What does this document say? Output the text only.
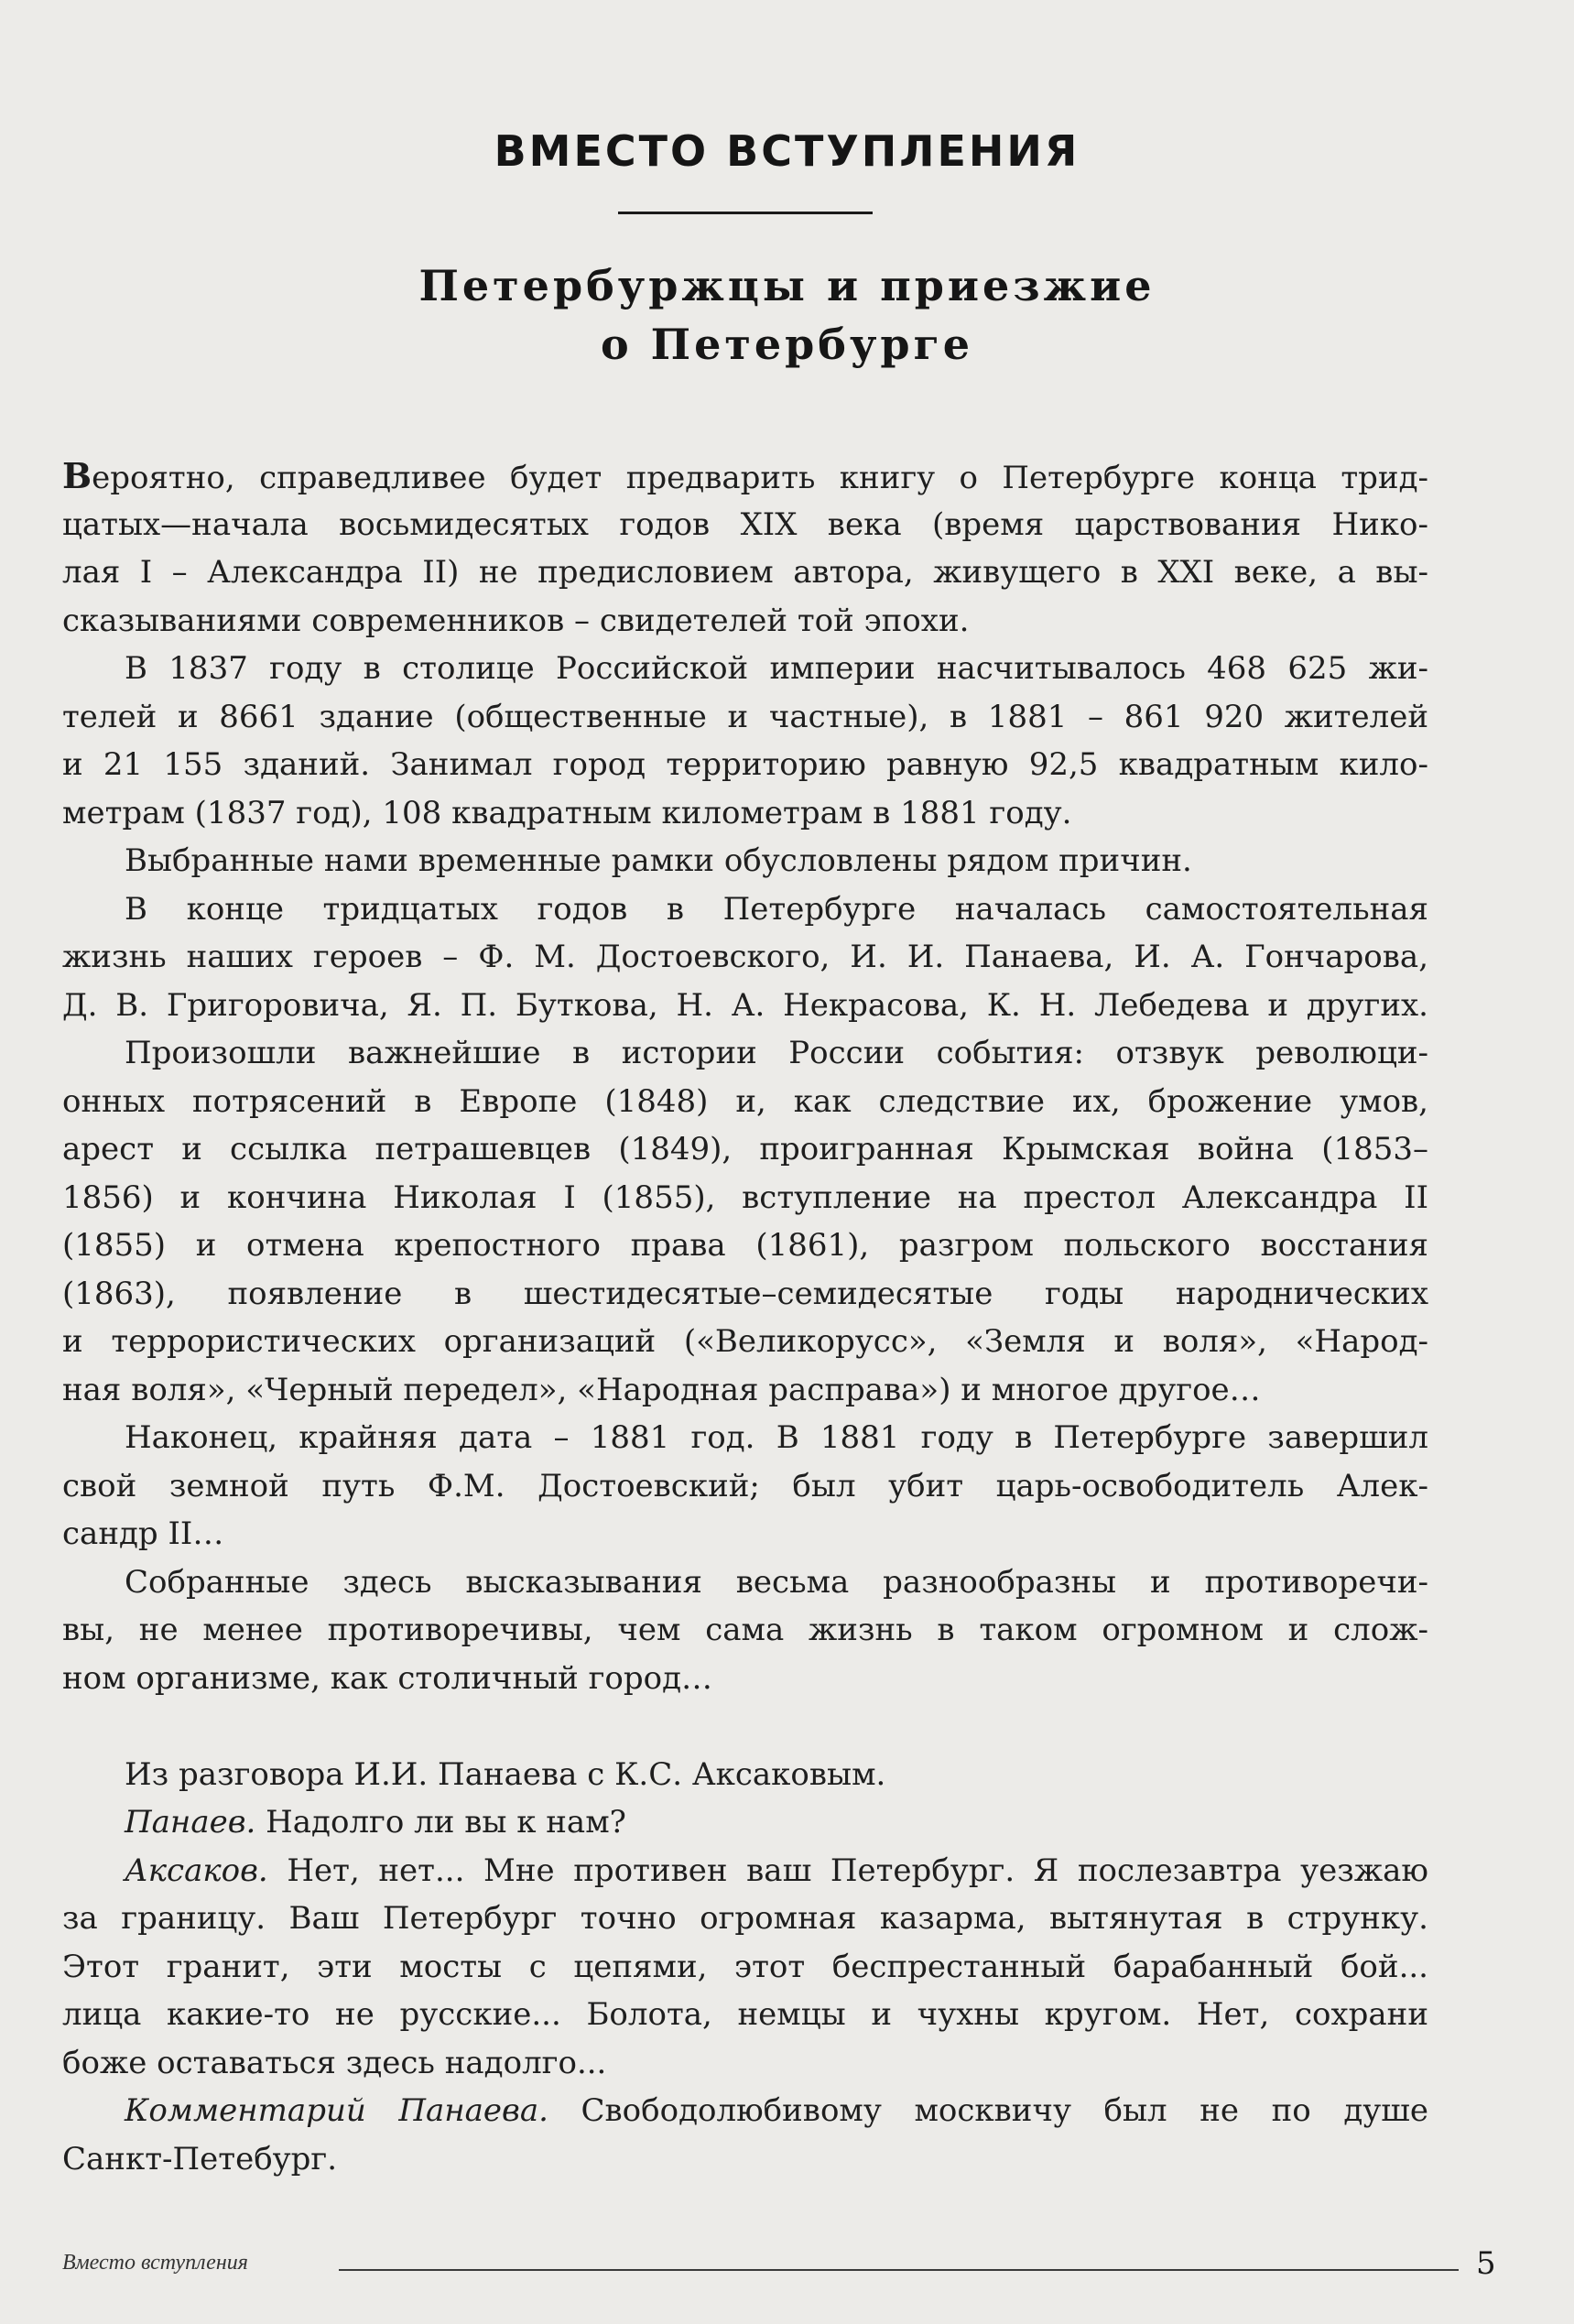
ВМЕСТО ВСТУПЛЕНИЯ
Петербуржцы и приезжие
о Петербурге
Вероятно, справедливее будет предварить книгу о Петербурге конца трид-
цатых—начала восьмидесятых годов XIX века (время царствования Нико-
лая I – Александра II) не предисловием автора, живущего в XXI веке, а вы-
сказываниями современников – свидетелей той эпохи.
В 1837 году в столице Российской империи насчитывалось 468 625 жи-
телей и 8661 здание (общественные и частные), в 1881 – 861 920 жителей
и 21 155 зданий. Занимал город территорию равную 92,5 квадратным кило-
метрам (1837 год), 108 квадратным километрам в 1881 году.
Выбранные нами временные рамки обусловлены рядом причин.
В конце тридцатых годов в Петербурге началась самостоятельная
жизнь наших героев – Ф. М. Достоевского, И. И. Панаева, И. А. Гончарова,
Д. В. Григоровича, Я. П. Буткова, Н. А. Некрасова, К. Н. Лебедева и других.
Произошли важнейшие в истории России события: отзвук революци-
онных потрясений в Европе (1848) и, как следствие их, брожение умов,
арест и ссылка петрашевцев (1849), проигранная Крымская война (1853–
1856) и кончина Николая I (1855), вступление на престол Александра II
(1855) и отмена крепостного права (1861), разгром польского восстания
(1863), появление в шестидесятые–семидесятые годы народнических
и террористических организаций («Великорусс», «Земля и воля», «Народ-
ная воля», «Черный передел», «Народная расправа») и многое другое…
Наконец, крайняя дата – 1881 год. В 1881 году в Петербурге завершил
свой земной путь Ф.М. Достоевский; был убит царь-освободитель Алек-
сандр II…
Собранные здесь высказывания весьма разнообразны и противоречи-
вы, не менее противоречивы, чем сама жизнь в таком огромном и слож-
ном организме, как столичный город…
Из разговора И.И. Панаева с К.С. Аксаковым.
Панаев. Надолго ли вы к нам?
Аксаков. Нет, нет... Мне противен ваш Петербург. Я послезавтра уезжаю
за границу. Ваш Петербург точно огромная казарма, вытянутая в струнку.
Этот гранит, эти мосты с цепями, этот беспрестанный барабанный бой...
лица какие-то не русские... Болота, немцы и чухны кругом. Нет, сохрани
боже оставаться здесь надолго...
Комментарий Панаева. Свободолюбивому москвичу был не по душе
Санкт-Петебург.
Вместо вступления	5
